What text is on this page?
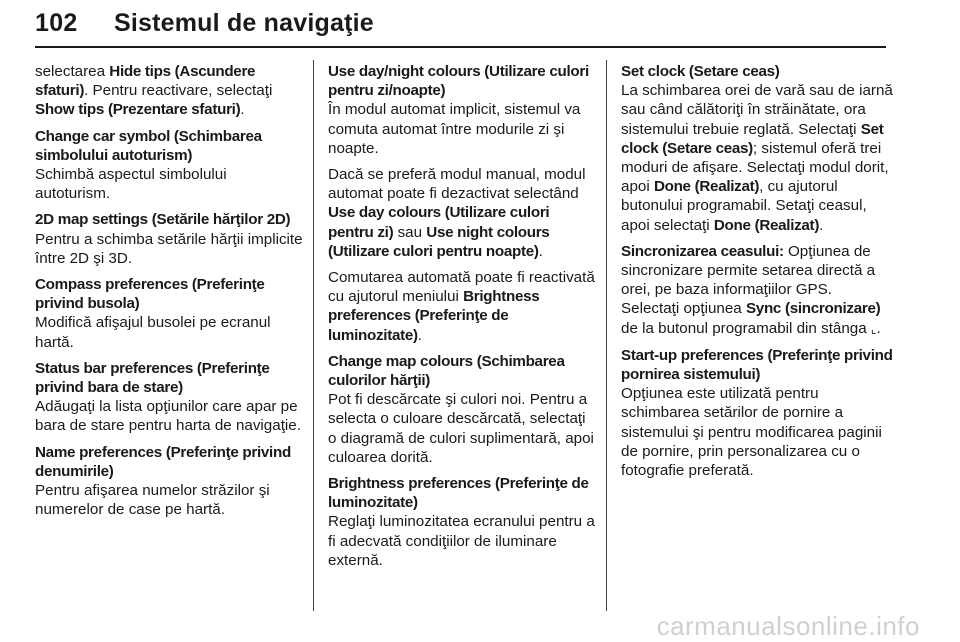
102 Sistemul de navigaţie

selectarea Hide tips (Ascundere sfaturi). Pentru reactivare, selectaţi Show tips (Prezentare sfaturi).

Change car symbol (Schimbarea simbolului autoturism)

Schimbă aspectul simbolului autoturism.

2D map settings (Setările hărţilor 2D)

Pentru a schimba setările hărţii implicite între 2D şi 3D.

Compass preferences (Preferinţe privind busola)

Modifică afişajul busolei pe ecranul hartă.

Status bar preferences (Preferinţe privind bara de stare)

Adăugaţi la lista opţiunilor care apar pe bara de stare pentru harta de navigaţie.

Name preferences (Preferinţe privind denumirile)

Pentru afişarea numelor străzilor şi numerelor de case pe hartă.

Use day/night colours (Utilizare culori pentru zi/noapte)

În modul automat implicit, sistemul va comuta automat între modurile zi şi noapte.

Dacă se preferă modul manual, modul automat poate fi dezactivat selectând Use day colours (Utilizare culori pentru zi) sau Use night colours (Utilizare culori pentru noapte).

Comutarea automată poate fi reactivată cu ajutorul meniului Brightness preferences (Preferinţe de luminozitate).

Change map colours (Schimbarea culorilor hărţii)

Pot fi descărcate şi culori noi. Pentru a selecta o culoare descărcată, selectaţi o diagramă de culori suplimentară, apoi culoarea dorită.

Brightness preferences (Preferinţe de luminozitate)

Reglaţi luminozitatea ecranului pentru a fi adecvată condiţiilor de iluminare externă.

Set clock (Setare ceas)

La schimbarea orei de vară sau de iarnă sau când călătoriţi în străinătate, ora sistemului trebuie reglată. Selectaţi Set clock (Setare ceas); sistemul oferă trei moduri de afişare. Selectaţi modul dorit, apoi Done (Realizat), cu ajutorul butonului programabil. Setaţi ceasul, apoi selectaţi Done (Realizat).

Sincronizarea ceasului: Opţiunea de sincronizare permite setarea directă a orei, pe baza informaţiilor GPS. Selectaţi opţiunea Sync (sincronizare) de la butonul programabil din stânga ⌞.

Start-up preferences (Preferinţe privind pornirea sistemului)

Opţiunea este utilizată pentru schimbarea setărilor de pornire a sistemului şi pentru modificarea paginii de pornire, prin personalizarea cu o fotografie preferată.

carmanualsonline.info
